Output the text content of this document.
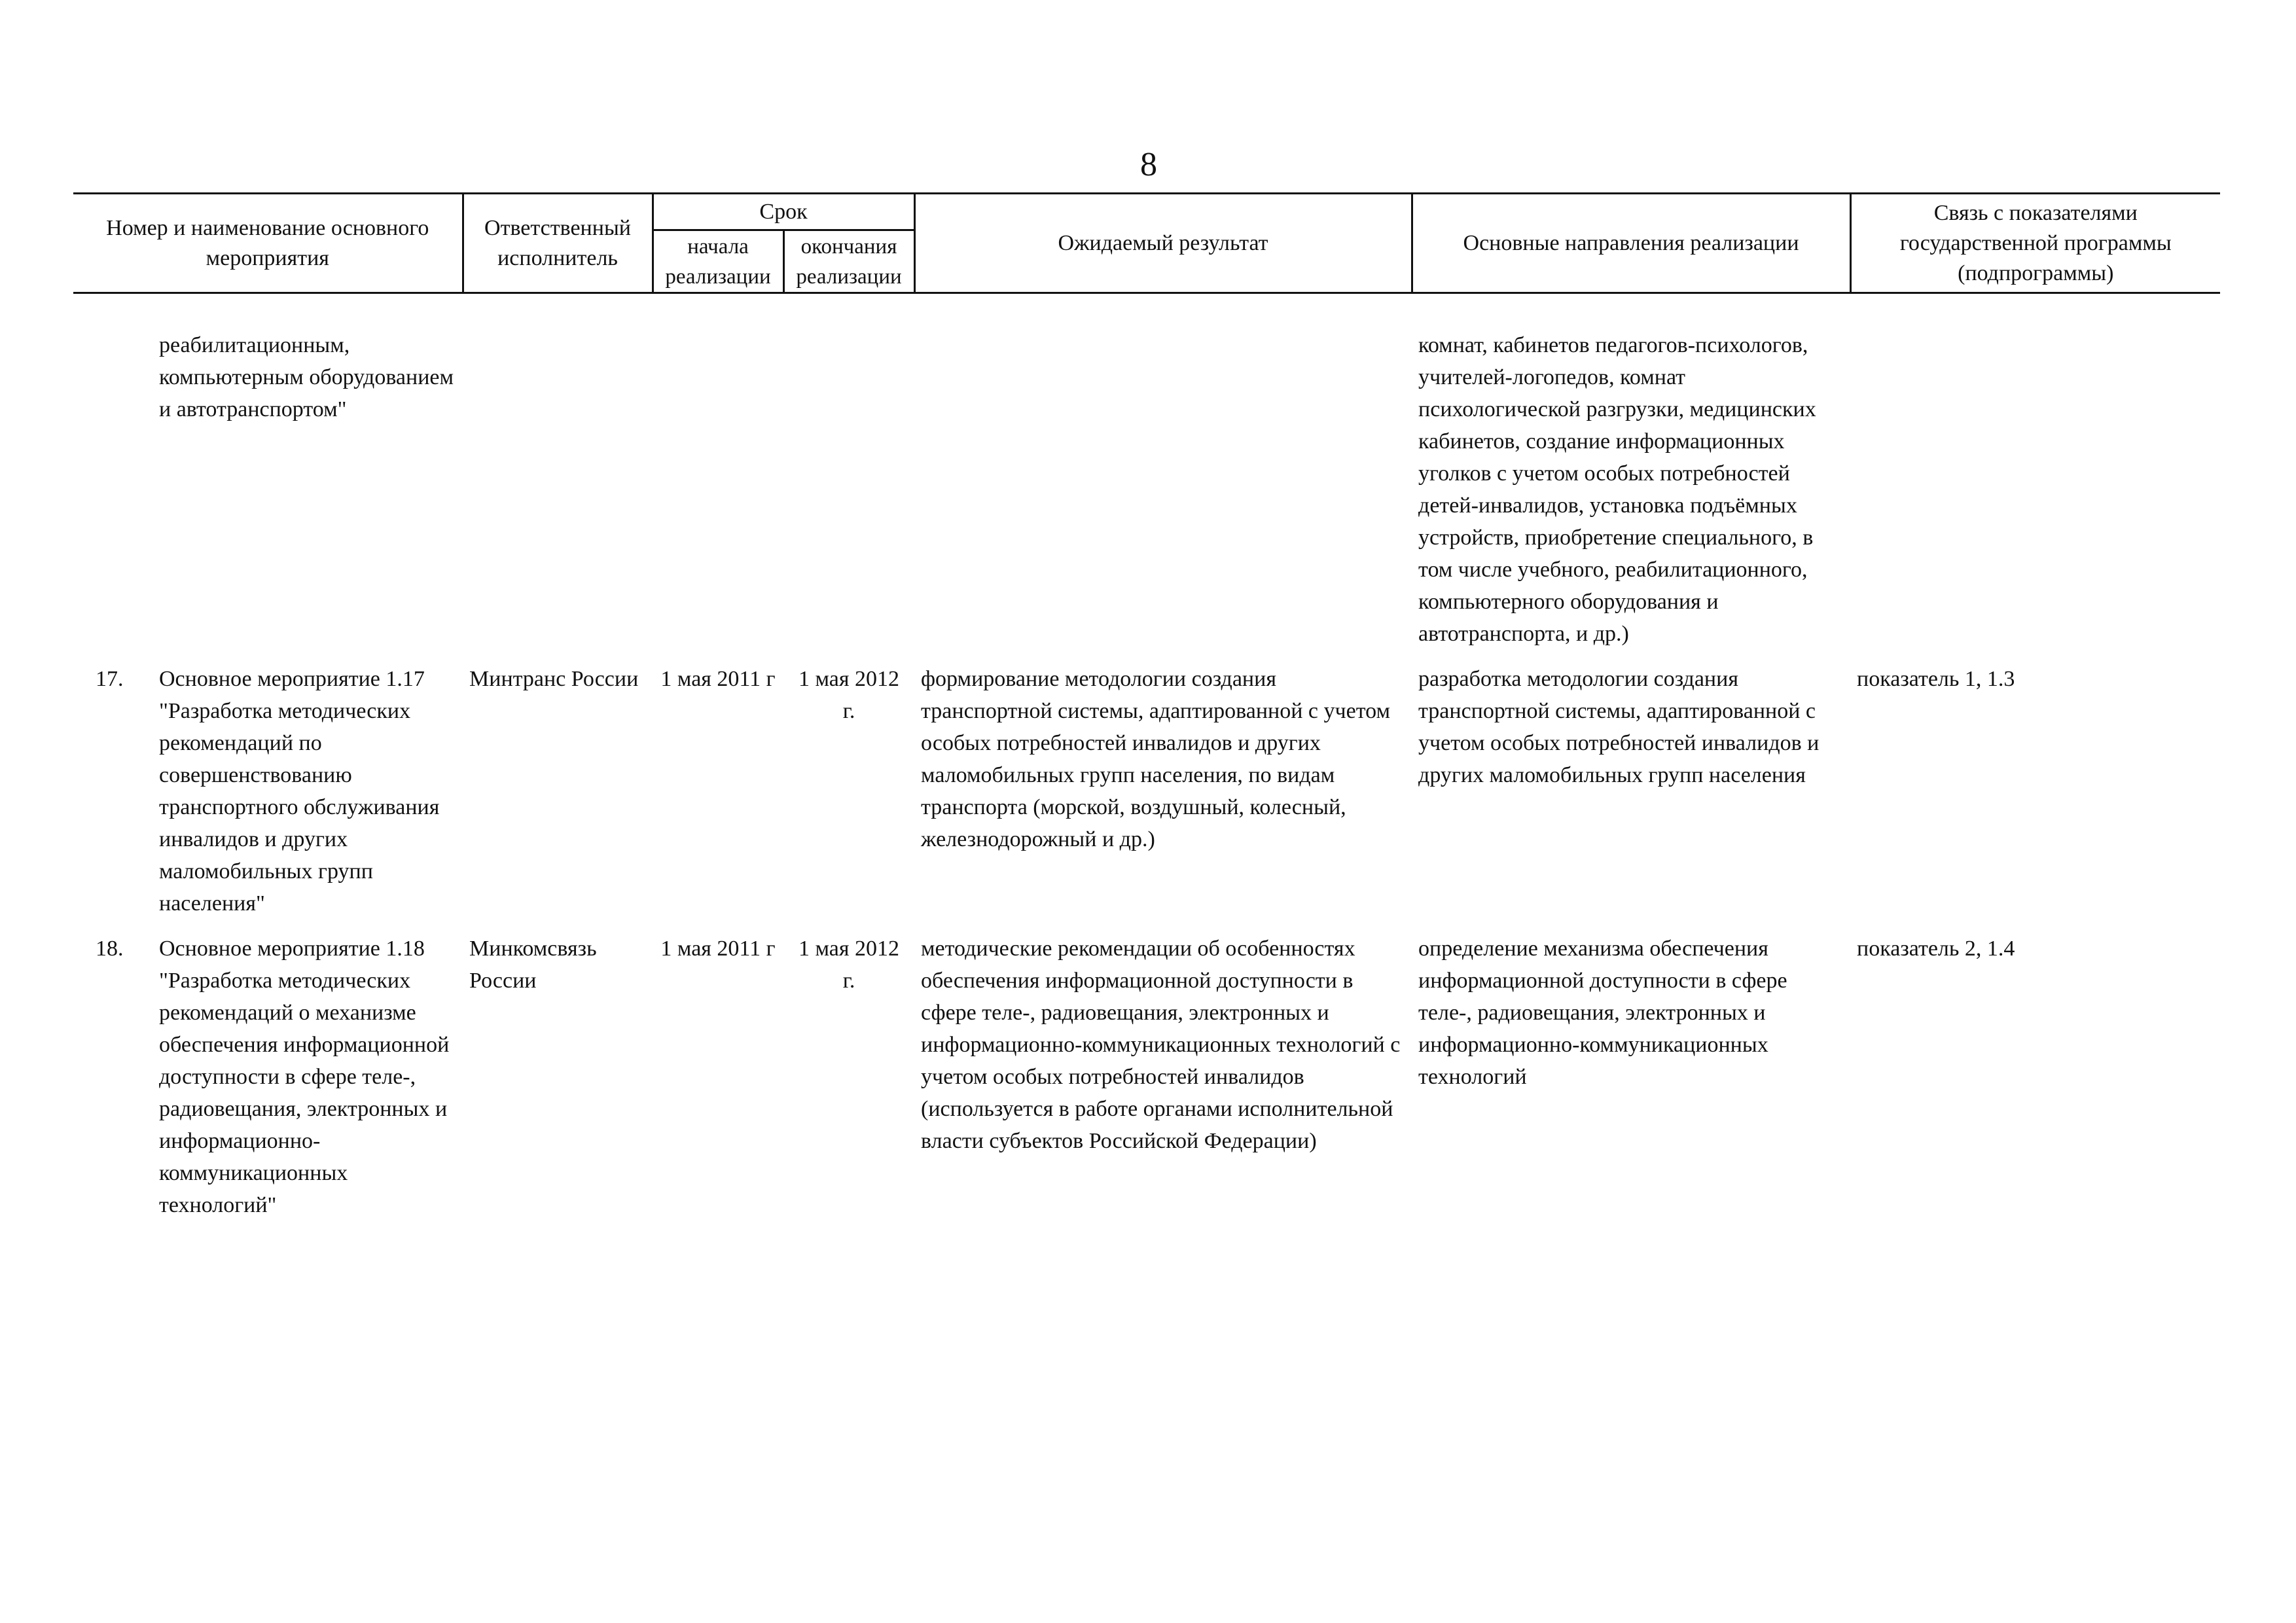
8
Номер и наименование основного мероприятия		Ответственный исполнитель	Срок		Ожидаемый результат	Основные направления реализации	Связь с показателями государственной программы (подпрограммы)
			начала реализации	окончания реализации			
	реабилитационным, компьютерным оборудованием и автотранспортом"					комнат, кабинетов педагогов-психологов, учителей-логопедов, комнат психологической разгрузки, медицинских кабинетов, создание информационных уголков с учетом особых потребностей детей-инвалидов, установка подъёмных устройств, приобретение специального, в том числе учебного, реабилитационного, компьютерного оборудования и автотранспорта, и др.)	
17.	Основное мероприятие 1.17 "Разработка методических рекомендаций по совершенствованию транспортного обслуживания инвалидов и других маломобильных групп населения"	Минтранс России	1 мая 2011 г	1 мая 2012 г.	формирование методологии создания транспортной системы, адаптированной с учетом особых потребностей инвалидов и других маломобильных групп населения, по видам транспорта (морской, воздушный, колесный, железнодорожный и др.)	разработка методологии создания транспортной системы, адаптированной с учетом особых потребностей инвалидов и других маломобильных групп населения	показатель 1, 1.3
18.	Основное мероприятие 1.18 "Разработка методических рекомендаций о механизме обеспечения информационной доступности в сфере теле-, радиовещания, электронных и информационно-коммуникационных технологий"	Минкомсвязь России	1 мая 2011 г	1 мая 2012 г.	методические рекомендации об особенностях обеспечения информационной доступности в сфере теле-, радиовещания, электронных и информационно-коммуникационных технологий с учетом особых потребностей инвалидов (используется в работе органами исполнительной власти субъектов Российской Федерации)	определение механизма обеспечения информационной доступности в сфере теле-, радиовещания, электронных и информационно-коммуникационных технологий	показатель 2, 1.4
